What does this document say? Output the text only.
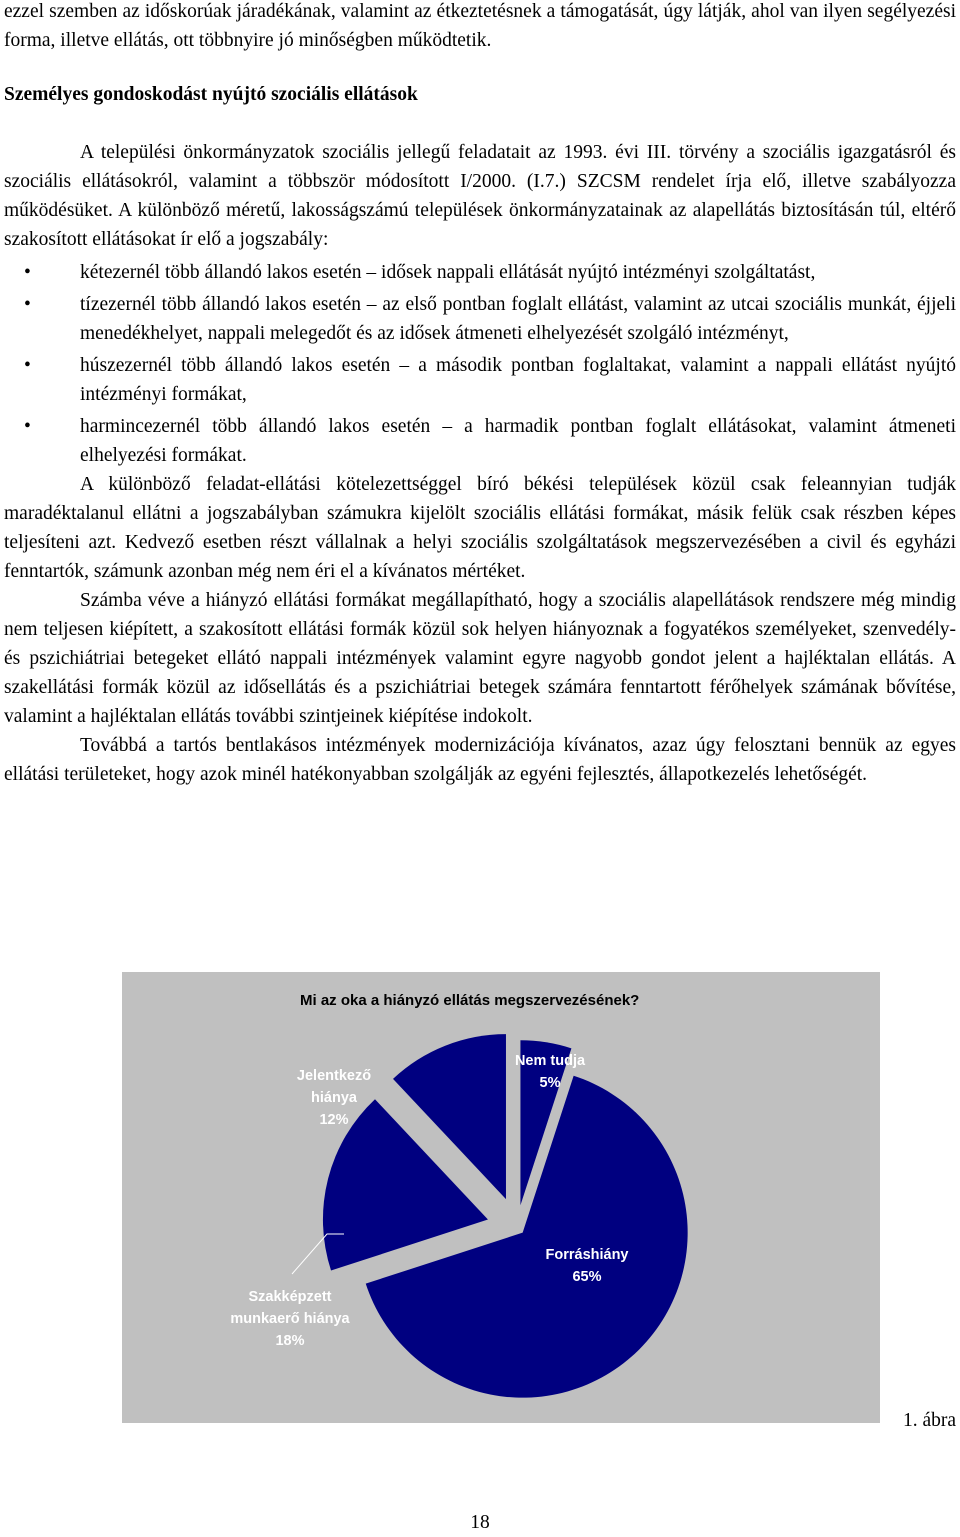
ezzel szemben az időskorúak járadékának, valamint az étkeztetésnek a támogatását, úgy látják, ahol van ilyen segélyezési forma, illetve ellátás, ott többnyire jó minőségben működtetik.

Személyes gondoskodást nyújtó szociális ellátások

A települési önkormányzatok szociális jellegű feladatait az 1993. évi III. törvény a szociális igazgatásról és szociális ellátásokról, valamint a többször módosított I/2000. (I.7.) SZCSM rendelet írja elő, illetve szabályozza működésüket. A különböző méretű, lakosságszámú települések önkormányzatainak az alapellátás biztosításán túl, eltérő szakosított ellátásokat ír elő a jogszabály:

•	kétezernél több állandó lakos esetén – idősek nappali ellátását nyújtó intézményi szolgáltatást,
•	tízezernél több állandó lakos esetén – az első pontban foglalt ellátást, valamint az utcai szociális munkát, éjjeli menedékhelyet, nappali melegedőt és az idősek átmeneti elhelyezését szolgáló intézményt,
•	húszezernél több állandó lakos esetén – a második pontban foglaltakat, valamint a nappali ellátást nyújtó intézményi formákat,
•	harmincezernél több állandó lakos esetén – a harmadik pontban foglalt ellátásokat, valamint átmeneti elhelyezési formákat.

A különböző feladat-ellátási kötelezettséggel bíró békési települések közül csak feleannyian tudják maradéktalanul ellátni a jogszabályban számukra kijelölt szociális ellátási formákat, másik felük csak részben képes teljesíteni azt. Kedvező esetben részt vállalnak a helyi szociális szolgáltatások megszervezésében a civil és egyházi fenntartók, számunk azonban még nem éri el a kívánatos mértéket.

Számba véve a hiányzó ellátási formákat megállapítható, hogy a szociális alapellátások rendszere még mindig nem teljesen kiépített, a szakosított ellátási formák közül sok helyen hiányoznak a fogyatékos személyeket, szenvedély- és pszichiátriai betegeket ellátó nappali intézmények valamint egyre nagyobb gondot jelent a hajléktalan ellátás. A szakellátási formák közül az idősellátás és a pszichiátriai betegek számára fenntartott férőhelyek számának bővítése, valamint a hajléktalan ellátás további szintjeinek kiépítése indokolt.

Továbbá a tartós bentlakásos intézmények modernizációja kívánatos, azaz úgy felosztani bennük az egyes ellátási területeket, hogy azok minél hatékonyabban szolgálják az egyéni fejlesztés, állapotkezelés lehetőségét.

Mi az oka a hiányzó ellátás megszervezésének?
Nem tudja 5%
Forráshiány 65%
Szakképzett munkaerő hiánya 18%
Jelentkező hiánya 12%
1. ábra
18
